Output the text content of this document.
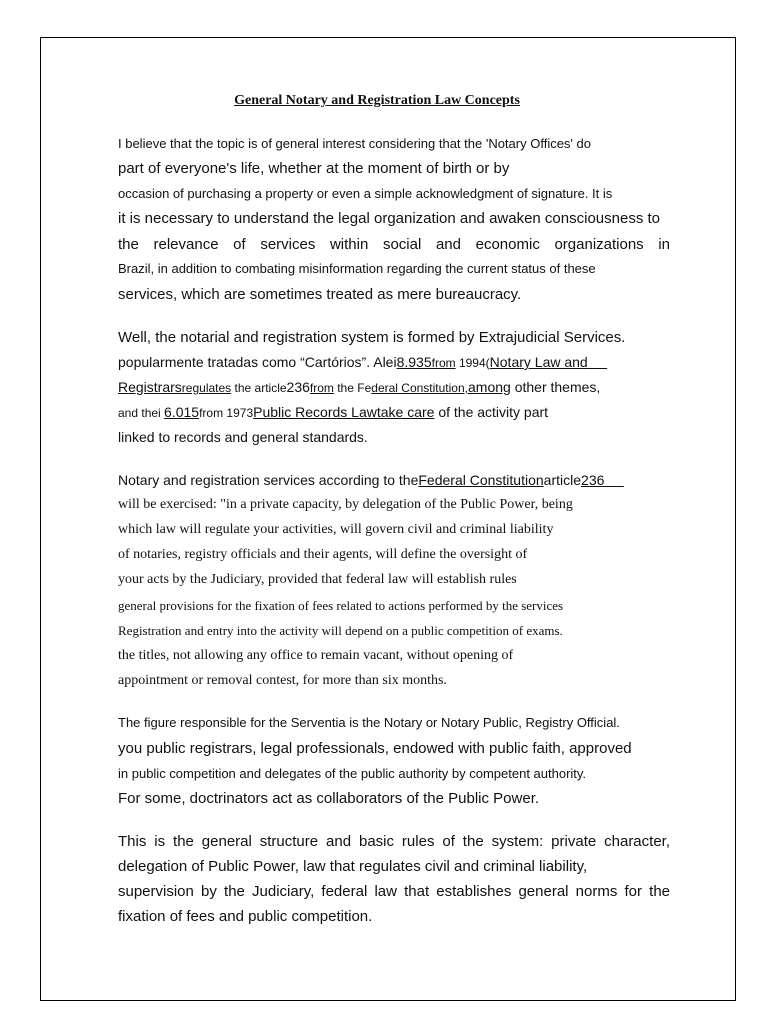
General Notary and Registration Law Concepts

I believe that the topic is of general interest considering that the 'Notary Offices' do

part of everyone's life, whether at the moment of birth or by

occasion of purchasing a property or even a simple acknowledgment of signature. It is

it is necessary to understand the legal organization and awaken consciousness to

the relevance of services within social and economic organizations in

Brazil, in addition to combating misinformation regarding the current status of these

services, which are sometimes treated as mere bureaucracy.

Well, the notarial and registration system is formed by Extrajudicial Services.

popularmente tratadas como “Cartórios”. Alei8.935from 1994(Notary Law and

Registrarsregulates the article236from the Federal Constitution,among other themes,

and thei 6.015from 1973Public Records Lawtake care of the activity part

linked to records and general standards.

Notary and registration services according to theFederal Constitutionarticle236

will be exercised: "in a private capacity, by delegation of the Public Power, being

which law will regulate your activities, will govern civil and criminal liability

of notaries, registry officials and their agents, will define the oversight of

your acts by the Judiciary, provided that federal law will establish rules

general provisions for the fixation of fees related to actions performed by the services

Registration and entry into the activity will depend on a public competition of exams.

the titles, not allowing any office to remain vacant, without opening of

appointment or removal contest, for more than six months.

The figure responsible for the Serventia is the Notary or Notary Public, Registry Official.

you public registrars, legal professionals, endowed with public faith, approved

in public competition and delegates of the public authority by competent authority.

For some, doctrinators act as collaborators of the Public Power.

This is the general structure and basic rules of the system: private character,

delegation of Public Power, law that regulates civil and criminal liability,

supervision by the Judiciary, federal law that establishes general norms for the

fixation of fees and public competition.
